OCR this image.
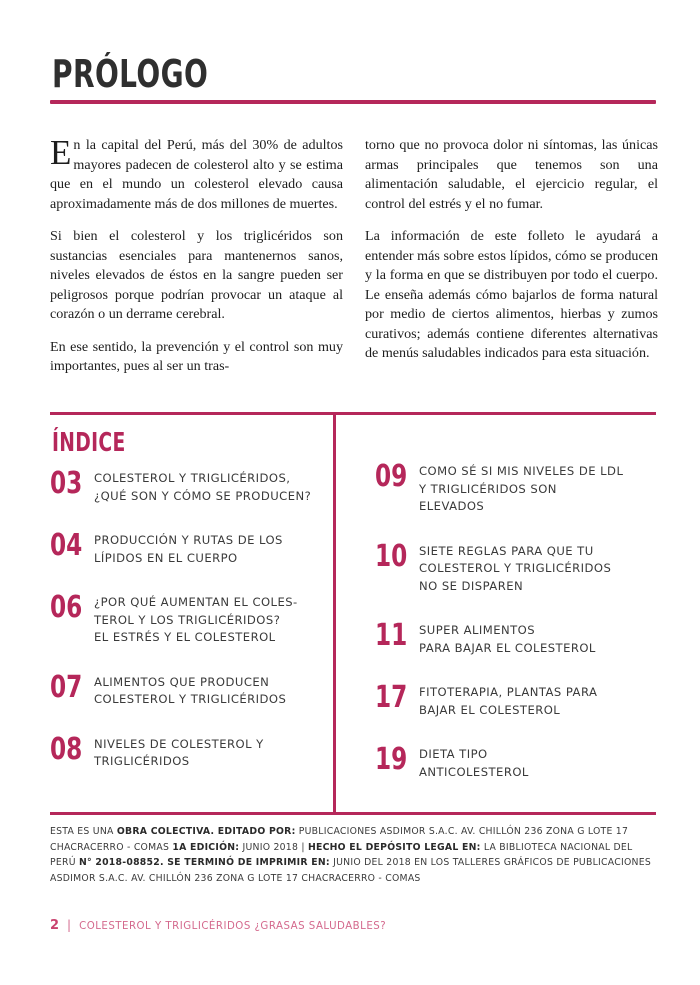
PRÓLOGO

En la capital del Perú, más del 30% de adultos mayores padecen de colesterol alto y se estima que en el mundo un colesterol elevado causa aproximadamente más de dos millones de muertes.

Si bien el colesterol y los triglicéridos son sustancias esenciales para mantenernos sanos, niveles elevados de éstos en la sangre pueden ser peligrosos porque podrían provocar un ataque al corazón o un derrame cerebral.

En ese sentido, la prevención y el control son muy importantes, pues al ser un tras-

torno que no provoca dolor ni síntomas, las únicas armas principales que tenemos son una alimentación saludable, el ejercicio regular, el control del estrés y el no fumar.

La información de este folleto le ayudará a entender más sobre estos lípidos, cómo se producen y la forma en que se distribuyen por todo el cuerpo. Le enseña además cómo bajarlos de forma natural por medio de ciertos alimentos, hierbas y zumos curativos; además contiene diferentes alternativas de menús saludables indicados para esta situación.

ÍNDICE
03	COLESTEROL Y TRIGLICÉRIDOS,
¿QUÉ SON Y CÓMO SE PRODUCEN?
04	PRODUCCIÓN Y RUTAS DE LOS
LÍPIDOS EN EL CUERPO
06	¿POR QUÉ AUMENTAN EL COLES-
TEROL Y LOS TRIGLICÉRIDOS?
EL ESTRÉS Y EL COLESTEROL
07	ALIMENTOS QUE PRODUCEN
COLESTEROL Y TRIGLICÉRIDOS
08	NIVELES DE COLESTEROL Y
TRIGLICÉRIDOS
09	COMO SÉ SI MIS NIVELES DE LDL
Y TRIGLICÉRIDOS SON
ELEVADOS
10	SIETE REGLAS PARA QUE TU
COLESTEROL Y TRIGLICÉRIDOS
NO SE DISPAREN
11	SUPER ALIMENTOS
PARA BAJAR EL COLESTEROL
17	FITOTERAPIA, PLANTAS PARA
BAJAR EL COLESTEROL
19	DIETA TIPO
ANTICOLESTEROL
ESTA ES UNA OBRA COLECTIVA. EDITADO POR: PUBLICACIONES ASDIMOR S.A.C. AV. CHILLÓN 236 ZONA G LOTE 17 CHACRACERRO - COMAS 1A EDICIÓN: JUNIO 2018 | HECHO EL DEPÓSITO LEGAL EN: LA BIBLIOTECA NACIONAL DEL PERÚ N° 2018-08852. SE TERMINÓ DE IMPRIMIR EN: JUNIO DEL 2018 EN LOS TALLERES GRÁFICOS DE PUBLICACIONES ASDIMOR S.A.C. AV. CHILLÓN 236 ZONA G LOTE 17 CHACRACERRO - COMAS
2 | COLESTEROL Y TRIGLICÉRIDOS ¿GRASAS SALUDABLES?
